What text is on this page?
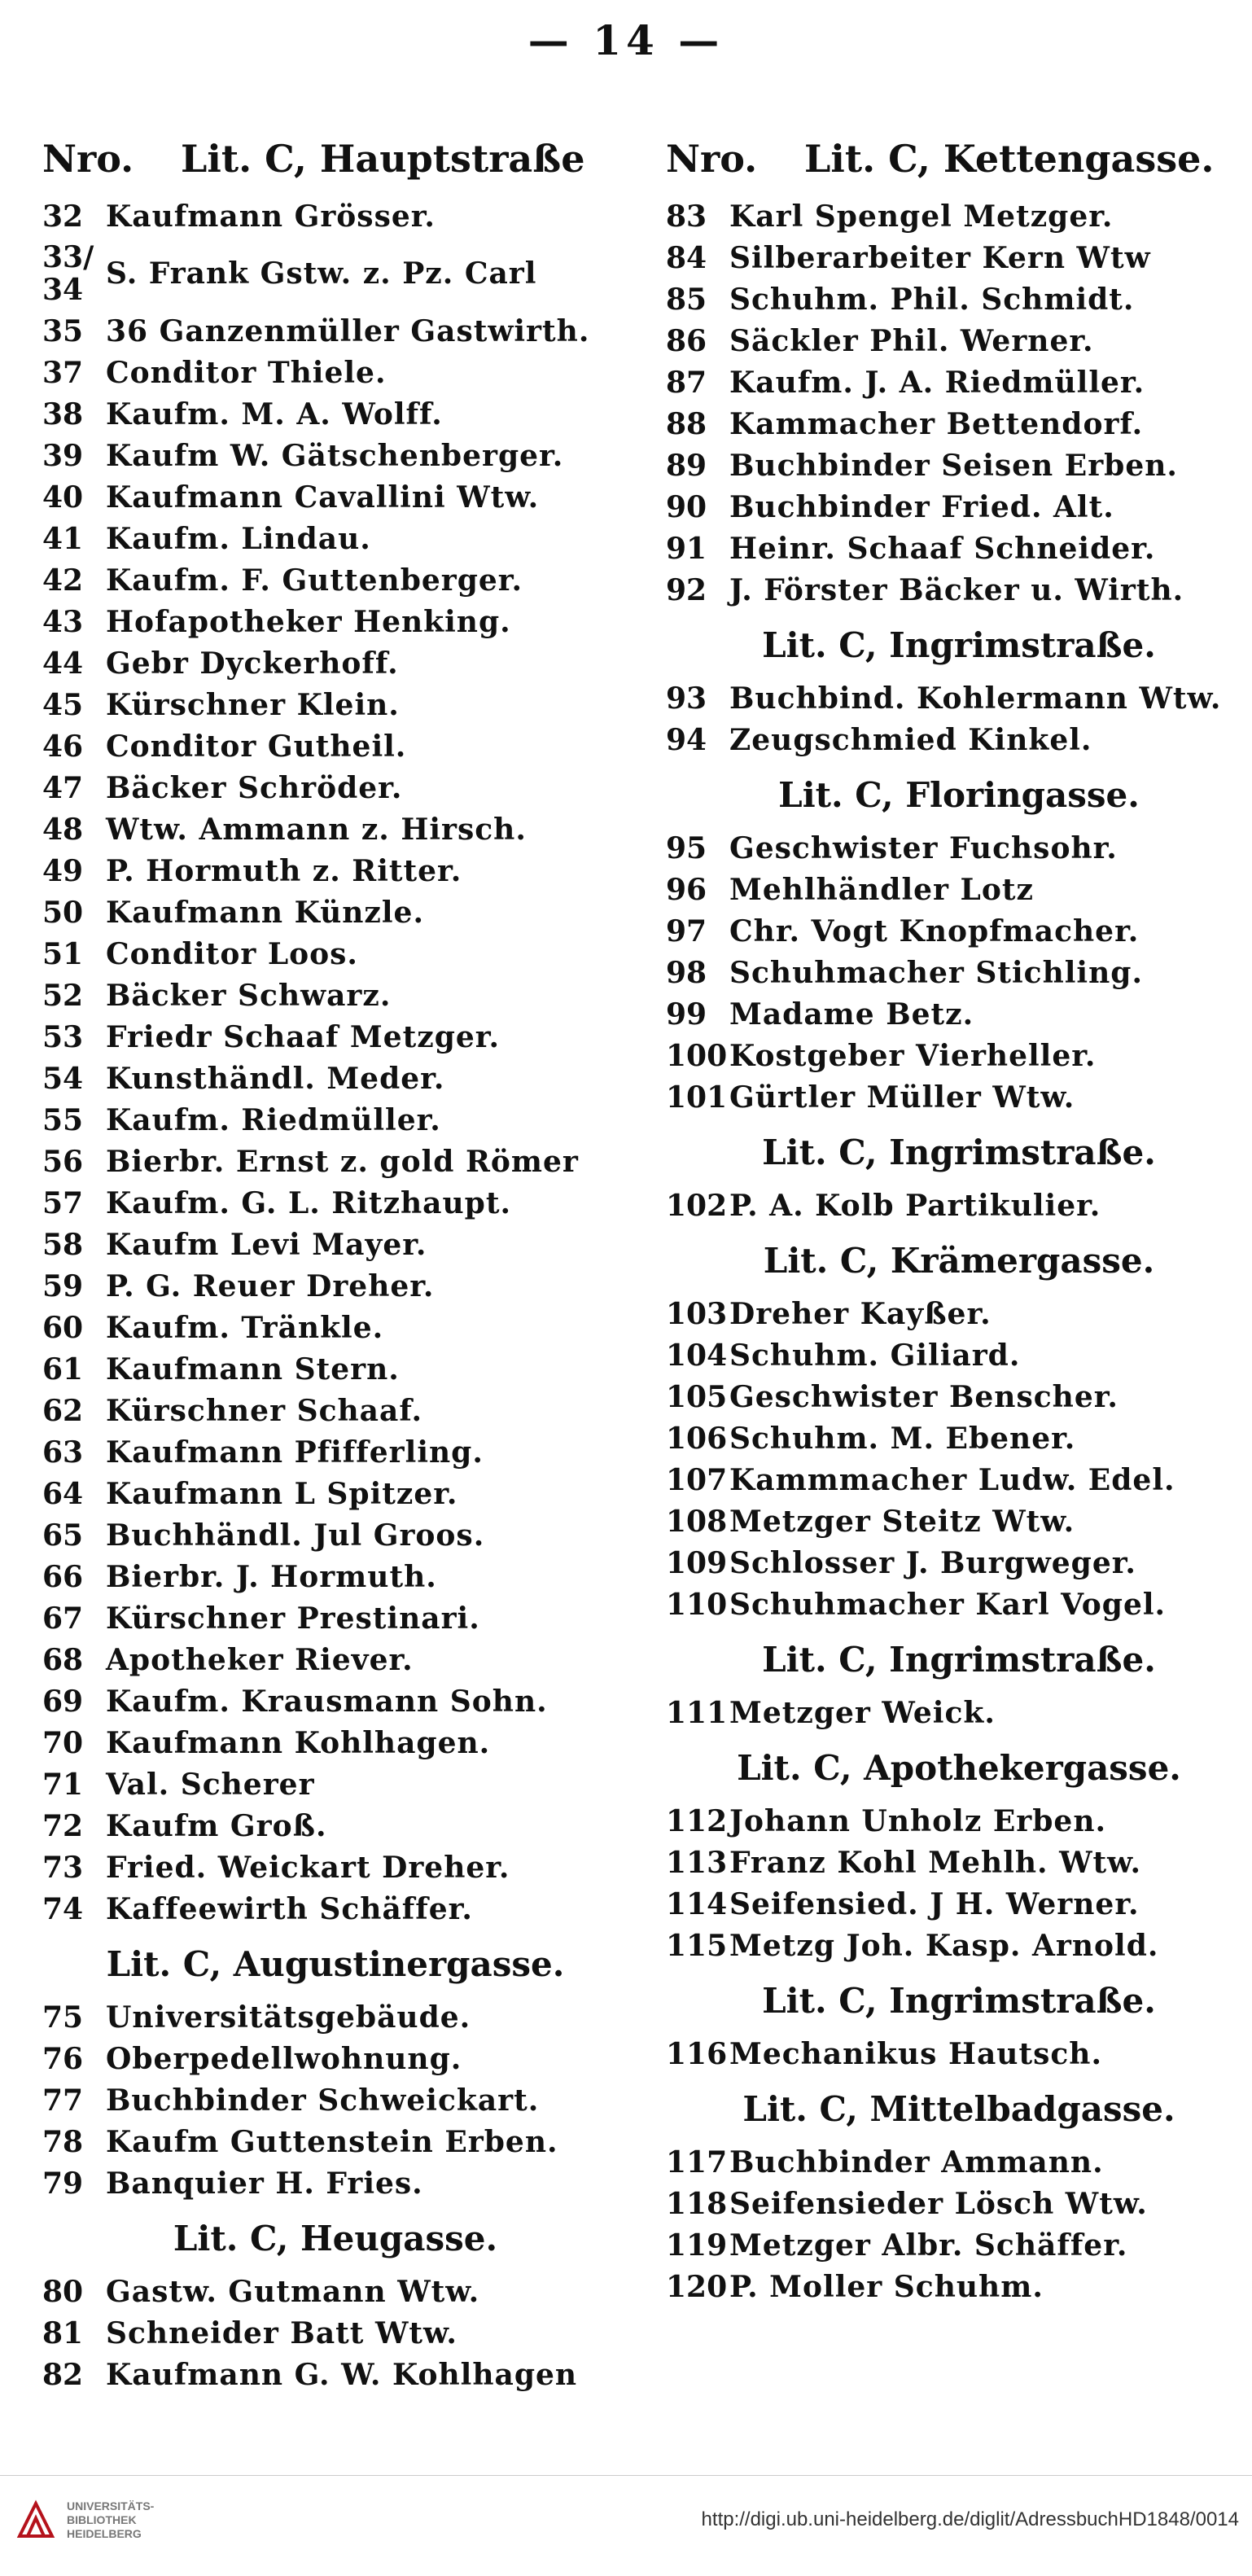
— 14 —
Nro.	Lit. C, Hauptstraße
32 Kaufmann Grösser.
33/
34 S. Frank Gstw. z. Pz. Carl
35 36 Ganzenmüller Gastwirth.
37 Conditor Thiele.
38 Kaufm. M. A. Wolff.
39 Kaufm W. Gätschenberger.
40 Kaufmann Cavallini Wtw.
41 Kaufm. Lindau.
42 Kaufm. F. Guttenberger.
43 Hofapotheker Henking.
44 Gebr Dyckerhoff.
45 Kürschner Klein.
46 Conditor Gutheil.
47 Bäcker Schröder.
48 Wtw. Ammann z. Hirsch.
49 P. Hormuth z. Ritter.
50 Kaufmann Künzle.
51 Conditor Loos.
52 Bäcker Schwarz.
53 Friedr Schaaf Metzger.
54 Kunsthändl. Meder.
55 Kaufm. Riedmüller.
56 Bierbr. Ernst z. gold Römer
57 Kaufm. G. L. Ritzhaupt.
58 Kaufm Levi Mayer.
59 P. G. Reuer Dreher.
60 Kaufm. Tränkle.
61 Kaufmann Stern.
62 Kürschner Schaaf.
63 Kaufmann Pfifferling.
64 Kaufmann L Spitzer.
65 Buchhändl. Jul Groos.
66 Bierbr. J. Hormuth.
67 Kürschner Prestinari.
68 Apotheker Riever.
69 Kaufm. Krausmann Sohn.
70 Kaufmann Kohlhagen.
71 Val. Scherer
72 Kaufm Groß.
73 Fried. Weickart Dreher.
74 Kaffeewirth Schäffer.
Lit. C, Augustinergasse.
75 Universitätsgebäude.
76 Oberpedellwohnung.
77 Buchbinder Schweickart.
78 Kaufm Guttenstein Erben.
79 Banquier H. Fries.
Lit. C, Heugasse.
80 Gastw. Gutmann Wtw.
81 Schneider Batt Wtw.
82 Kaufmann G. W. Kohlhagen
Nro.	Lit. C, Kettengasse.
83 Karl Spengel Metzger.
84 Silberarbeiter Kern Wtw
85 Schuhm. Phil. Schmidt.
86 Säckler Phil. Werner.
87 Kaufm. J. A. Riedmüller.
88 Kammacher Bettendorf.
89 Buchbinder Seisen Erben.
90 Buchbinder Fried. Alt.
91 Heinr. Schaaf Schneider.
92 J. Förster Bäcker u. Wirth.
Lit. C, Ingrimstraße.
93 Buchbind. Kohlermann Wtw.
94 Zeugschmied Kinkel.
Lit. C, Floringasse.
95 Geschwister Fuchsohr.
96 Mehlhändler Lotz
97 Chr. Vogt Knopfmacher.
98 Schuhmacher Stichling.
99 Madame Betz.
100 Kostgeber Vierheller.
101 Gürtler Müller Wtw.
Lit. C, Ingrimstraße.
102 P. A. Kolb Partikulier.
Lit. C, Krämergasse.
103 Dreher Kayßer.
104 Schuhm. Giliard.
105 Geschwister Benscher.
106 Schuhm. M. Ebener.
107 Kammmacher Ludw. Edel.
108 Metzger Steitz Wtw.
109 Schlosser J. Burgweger.
110 Schuhmacher Karl Vogel.
Lit. C, Ingrimstraße.
111 Metzger Weick.
Lit. C, Apothekergasse.
112 Johann Unholz Erben.
113 Franz Kohl Mehlh. Wtw.
114 Seifensied. J H. Werner.
115 Metzg Joh. Kasp. Arnold.
Lit. C, Ingrimstraße.
116 Mechanikus Hautsch.
Lit. C, Mittelbadgasse.
117 Buchbinder Ammann.
118 Seifensieder Lösch Wtw.
119 Metzger Albr. Schäffer.
120 P. Moller Schuhm.
UNIVERSITÄTS-
BIBLIOTHEK
HEIDELBERG
http://digi.ub.uni-heidelberg.de/diglit/AdressbuchHD1848/0014
